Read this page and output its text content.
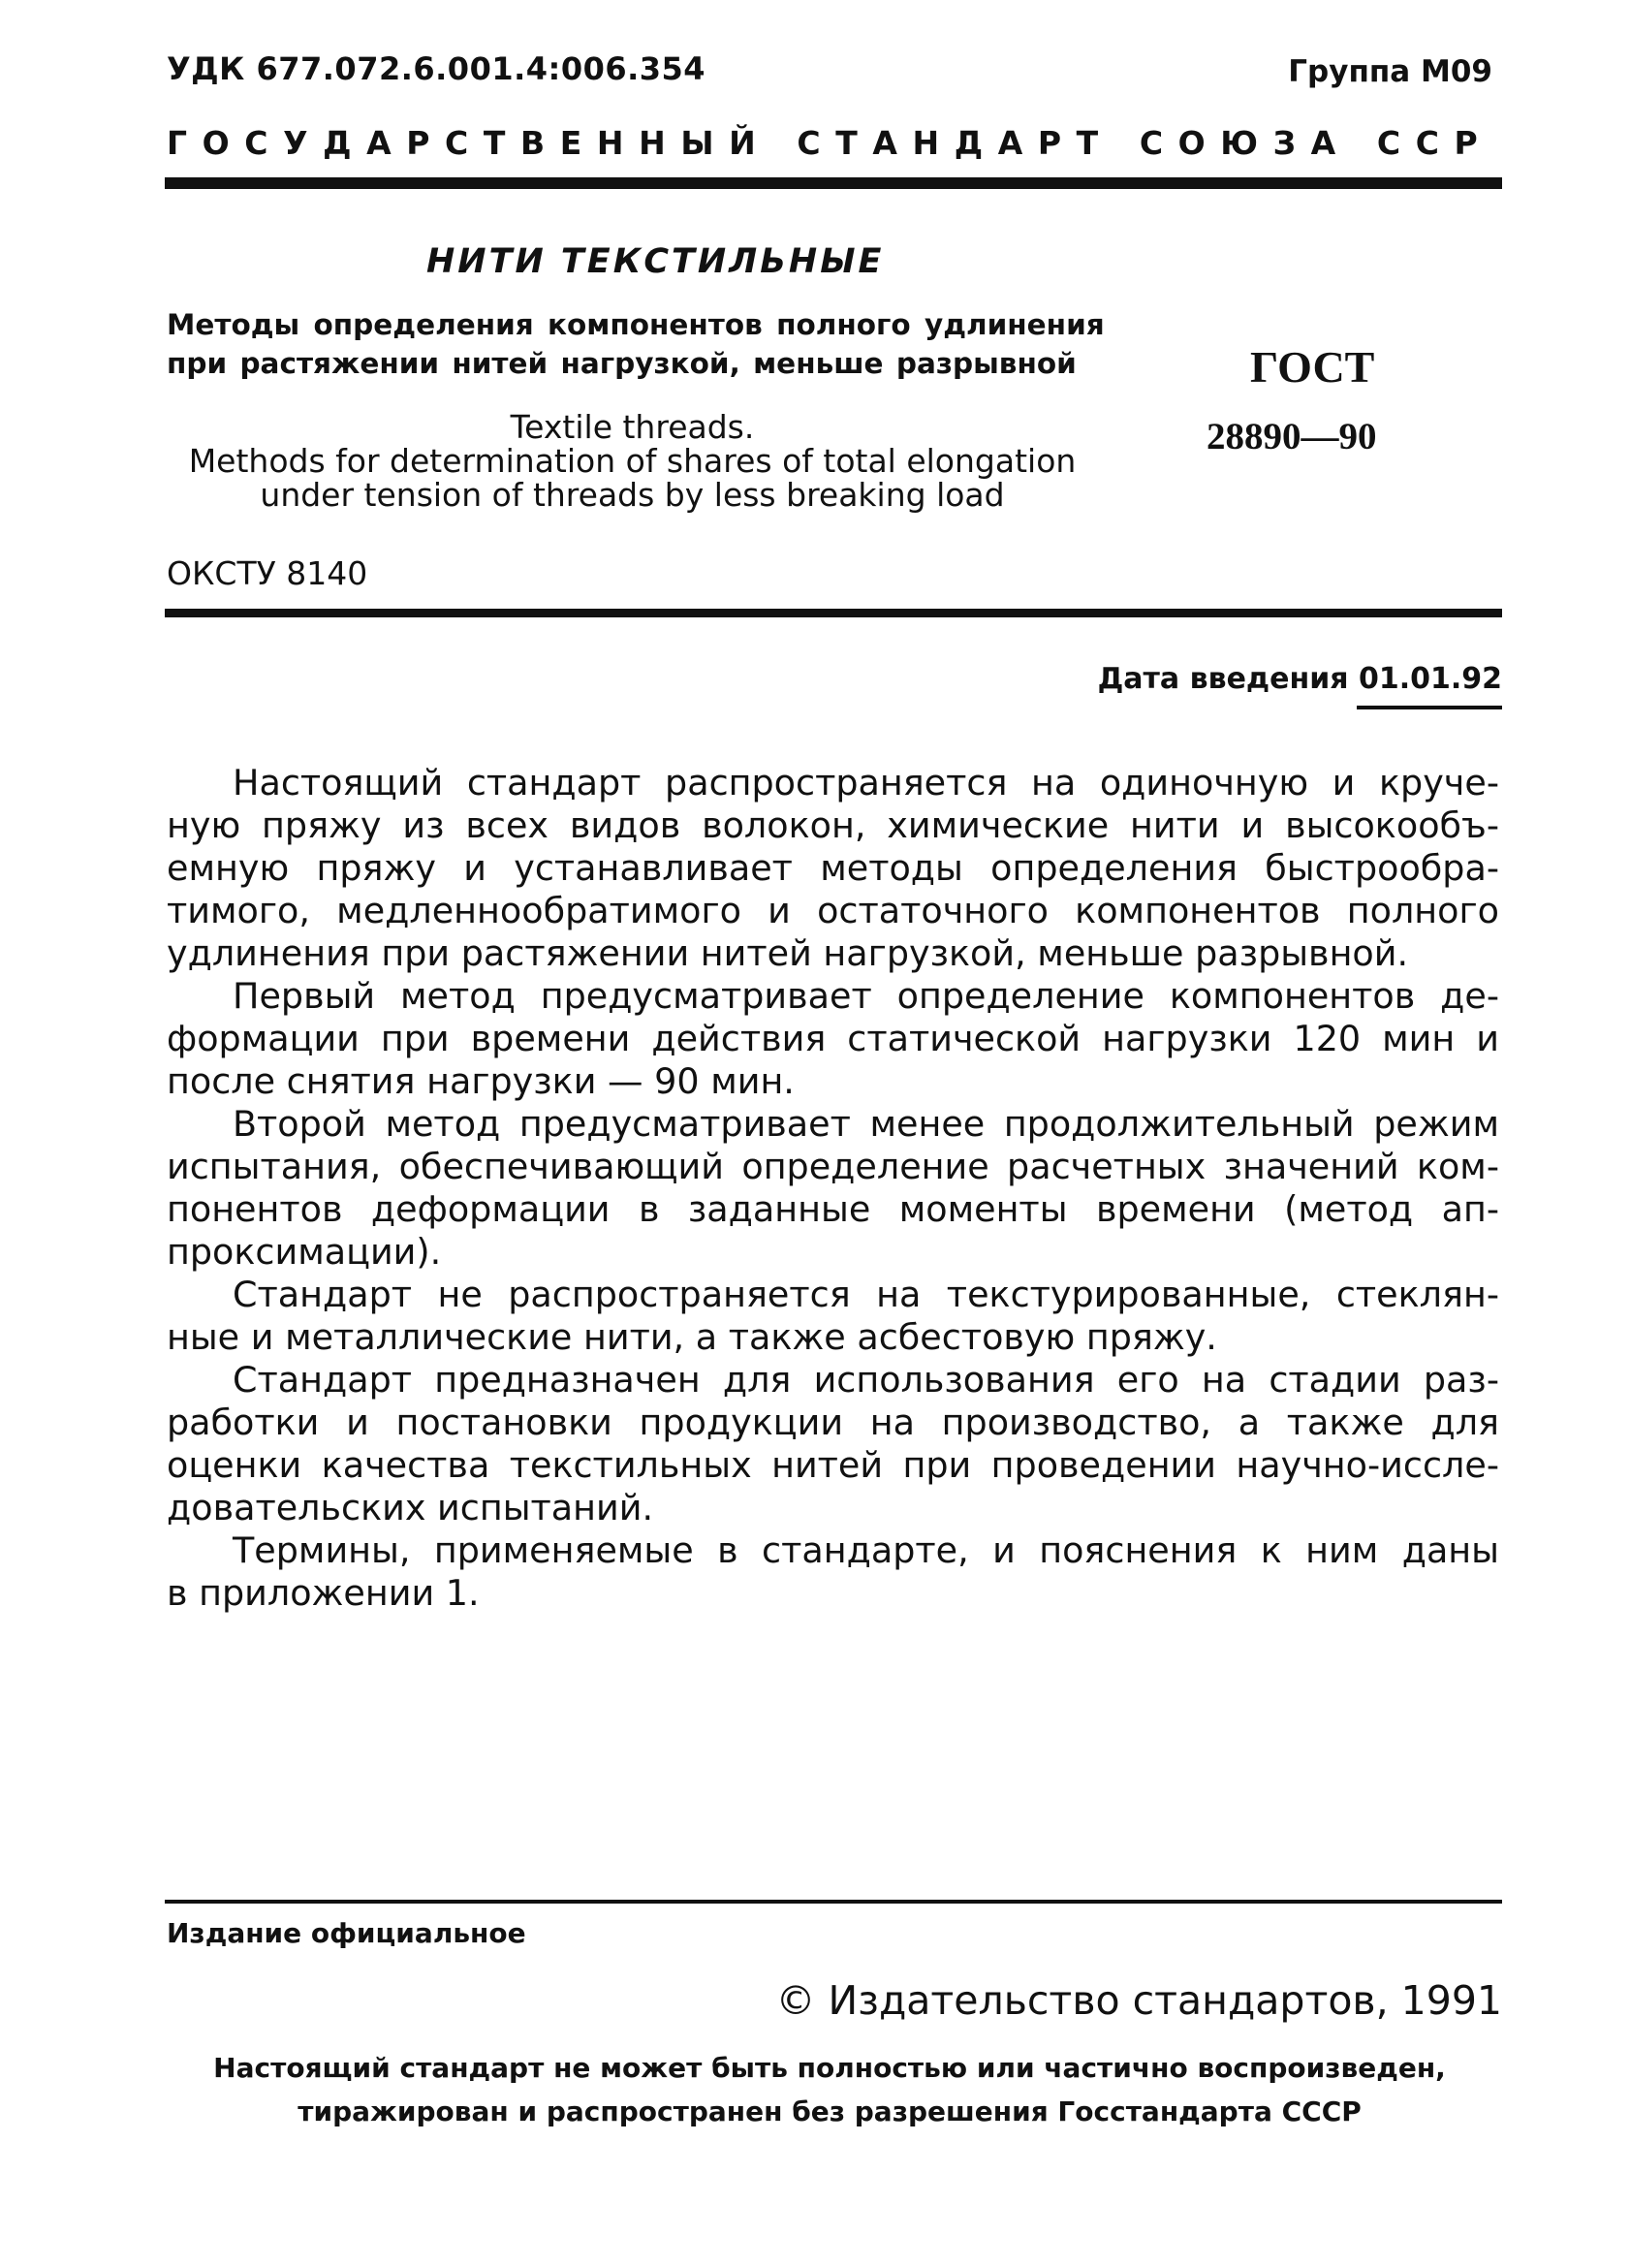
УДК 677.072.6.001.4:006.354	Группа М09
ГОСУДАРСТВЕННЫЙ СТАНДАРТ СОЮЗА ССР
НИТИ ТЕКСТИЛЬНЫЕ
Методы определения компонентов полного удлинения
при растяжении нитей нагрузкой, меньше разрывной
Textile threads.
Methods for determination of shares of total elongation
under tension of threads by less breaking load
ГОСТ
28890—90
ОКСТУ 8140
Дата введения 01.01.92
Настоящий стандарт распространяется на одиночную и круче-
ную пряжу из всех видов волокон, химические нити и высокообъ-
емную пряжу и устанавливает методы определения быстрообра-
тимого, медленнообратимого и остаточного компонентов полного
удлинения при растяжении нитей нагрузкой, меньше разрывной.
Первый метод предусматривает определение компонентов де-
формации при времени действия статической нагрузки 120 мин и
после снятия нагрузки — 90 мин.
Второй метод предусматривает менее продолжительный режим
испытания, обеспечивающий определение расчетных значений ком-
понентов деформации в заданные моменты времени (метод ап-
проксимации).
Стандарт не распространяется на текстурированные, стеклян-
ные и металлические нити, а также асбестовую пряжу.
Стандарт предназначен для использования его на стадии раз-
работки и постановки продукции на производство, а также для
оценки качества текстильных нитей при проведении научно-иссле-
довательских испытаний.
Термины, применяемые в стандарте, и пояснения к ним даны
в приложении 1.
Издание официальное
© Издательство стандартов, 1991
Настоящий стандарт не может быть полностью или частично воспроизведен,
тиражирован и распространен без разрешения Госстандарта СССР
